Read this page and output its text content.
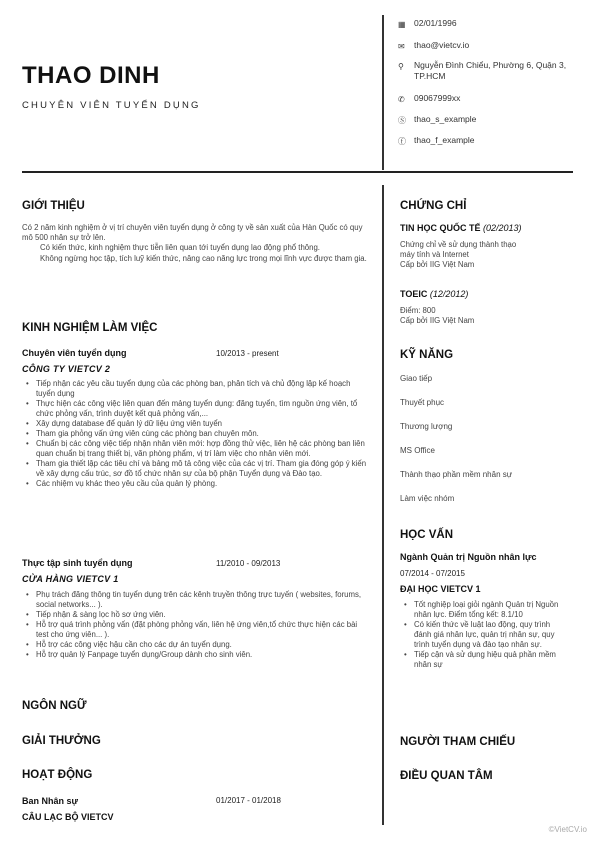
THAO DINH
CHUYÊN VIÊN TUYỂN DỤNG
▦ 02/01/1996
✉	thao@vietcv.io
⚲	Nguyễn Đình Chiểu, Phường 6, Quận 3, TP.HCM
✆	09067999xx
Ⓢ thao_s_example
ⓕ thao_f_example
GIỚI THIỆU
Có 2 năm kinh nghiệm ở vị trí chuyên viên tuyển dụng ở công ty về sản xuất của Hàn Quốc có quy mô 500 nhân sự trở lên.
Có kiến thức, kinh nghiệm thực tiễn liên quan tới tuyển dụng lao động phổ thông.
Không ngừng học tập, tích luỹ kiến thức, nâng cao năng lực trong mọi lĩnh vực được tham gia.
KINH NGHIỆM LÀM VIỆC
Chuyên viên tuyển dụng	10/2013 - present
CÔNG TY VIETCV 2
• Tiếp nhận các yêu cầu tuyển dụng của các phòng ban, phân tích và chủ động lập kế hoạch tuyển dụng
• Thực hiện các công việc liên quan đến mảng tuyển dụng: đăng tuyển, tìm nguồn ứng viên, tổ chức phỏng vấn, trình duyệt kết quả phỏng vấn,...
• Xây dựng database để quản lý dữ liệu ứng viên tuyển
• Tham gia phỏng vấn ứng viên cùng các phòng ban chuyên môn.
• Chuẩn bị các công việc tiếp nhận nhân viên mới: hợp đồng thử việc, liên hệ các phòng ban liên quan chuẩn bị trang thiết bị, văn phòng phẩm, vị trí làm việc cho nhân viên mới.
• Tham gia thiết lập các tiêu chí và bảng mô tả công việc của các vị trí. Tham gia đóng góp ý kiến về xây dựng cấu trúc, sơ đồ tổ chức nhân sự của bộ phận Tuyển dụng và Đào tạo.
• Các nhiệm vụ khác theo yêu cầu của quản lý phòng.
Thực tập sinh tuyển dụng	11/2010 - 09/2013
CỬA HÀNG VIETCV 1
• Phụ trách đăng thông tin tuyển dụng trên các kênh truyền thông trực tuyến ( websites, forums, social networks... ).
• Tiếp nhận & sàng lọc hồ sơ ứng viên.
• Hỗ trợ quá trình phỏng vấn (đặt phòng phỏng vấn, liên hệ ứng viên,tổ chức thực hiện các bài test cho ứng viên... ).
• Hỗ trợ các công việc hậu cần cho các dự án tuyển dụng.
• Hỗ trợ quản lý Fanpage tuyển dụng/Group dành cho sinh viên.
NGÔN NGỮ
GIẢI THƯỞNG
HOẠT ĐỘNG
Ban Nhân sự	01/2017 - 01/2018
CÂU LẠC BỘ VIETCV
CHỨNG CHỈ
TIN HỌC QUỐC TẾ (02/2013)
Chứng chỉ về sử dụng thành thạo
máy tính và Internet
Cấp bởi IIG Việt Nam
TOEIC (12/2012)
Điểm: 800
Cấp bởi IIG Việt Nam
KỸ NĂNG
Giao tiếp
Thuyết phục
Thương lượng
MS Office
Thành thạo phần mềm nhân sự
Làm việc nhóm
HỌC VẤN
Ngành Quản trị Nguồn nhân lực
07/2014 - 07/2015
ĐẠI HỌC VIETCV 1
• Tốt nghiệp loại giỏi ngành Quản trị Nguồn nhân lực. Điểm tổng kết: 8.1/10
• Có kiến thức về luật lao động, quy trình đánh giá nhân lực, quản trị nhân sự, quy trình tuyển dụng và đào tạo nhân sự.
• Tiếp cận và sử dụng hiệu quả phần mềm nhân sự
NGƯỜI THAM CHIẾU
ĐIỀU QUAN TÂM
©VietCV.io
